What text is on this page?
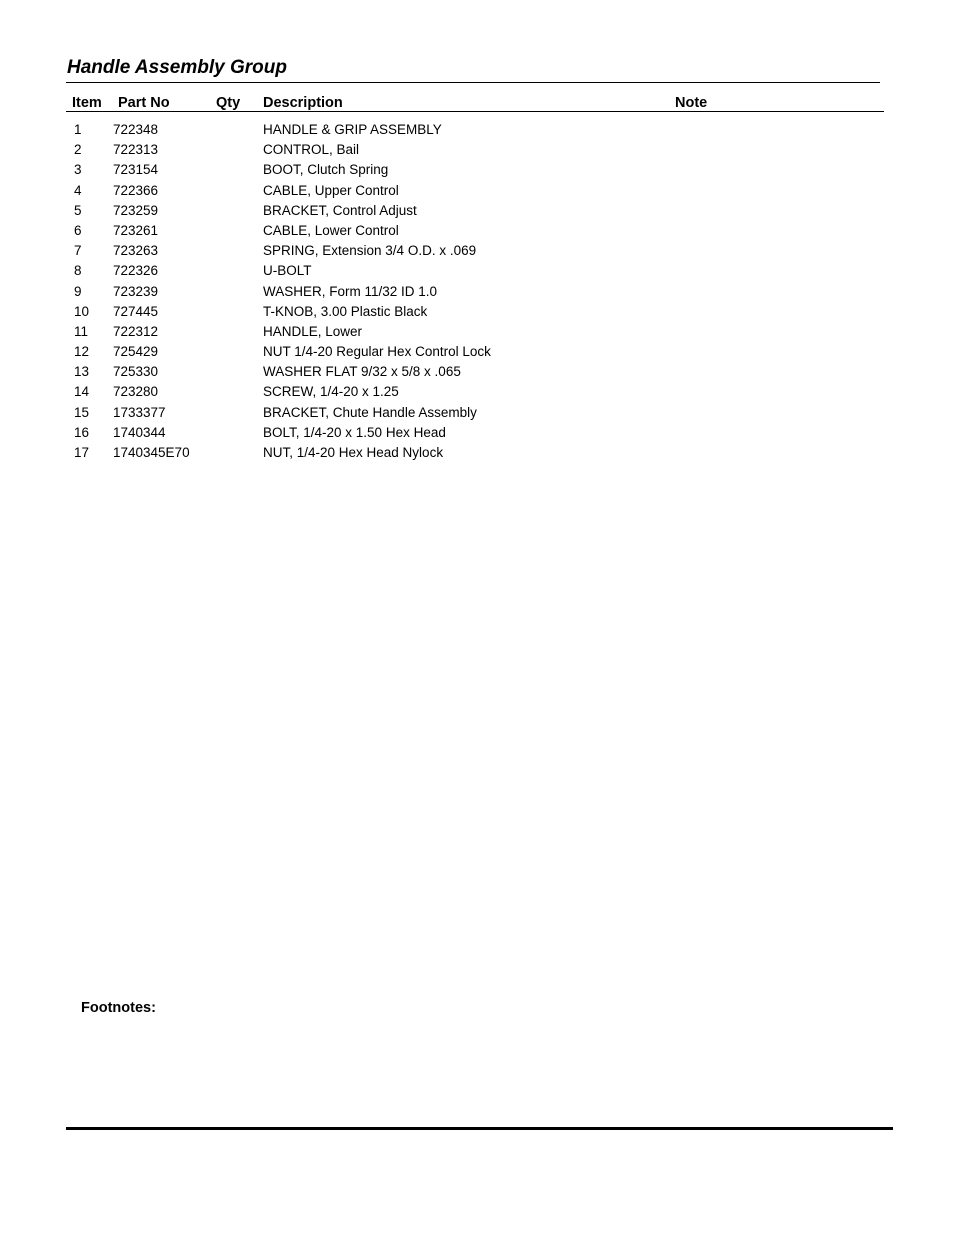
Handle Assembly Group
Item Part No	Qty Description	Note
1	722348	HANDLE & GRIP ASSEMBLY
2	722313	CONTROL, Bail
3	723154	BOOT, Clutch Spring
4	722366	CABLE, Upper Control
5	723259	BRACKET, Control Adjust
6	723261	CABLE, Lower Control
7	723263	SPRING, Extension 3/4 O.D. x .069
8	722326	U-BOLT
9	723239	WASHER, Form 11/32 ID 1.0
10	727445	T-KNOB, 3.00 Plastic Black
11	722312	HANDLE, Lower
12	725429	NUT 1/4-20 Regular Hex Control Lock
13	725330	WASHER FLAT 9/32 x 5/8 x .065
14	723280	SCREW, 1/4-20 x 1.25
15	1733377	BRACKET, Chute Handle Assembly
16	1740344	BOLT, 1/4-20 x 1.50 Hex Head
17	1740345E70	NUT, 1/4-20 Hex Head Nylock
Footnotes:
